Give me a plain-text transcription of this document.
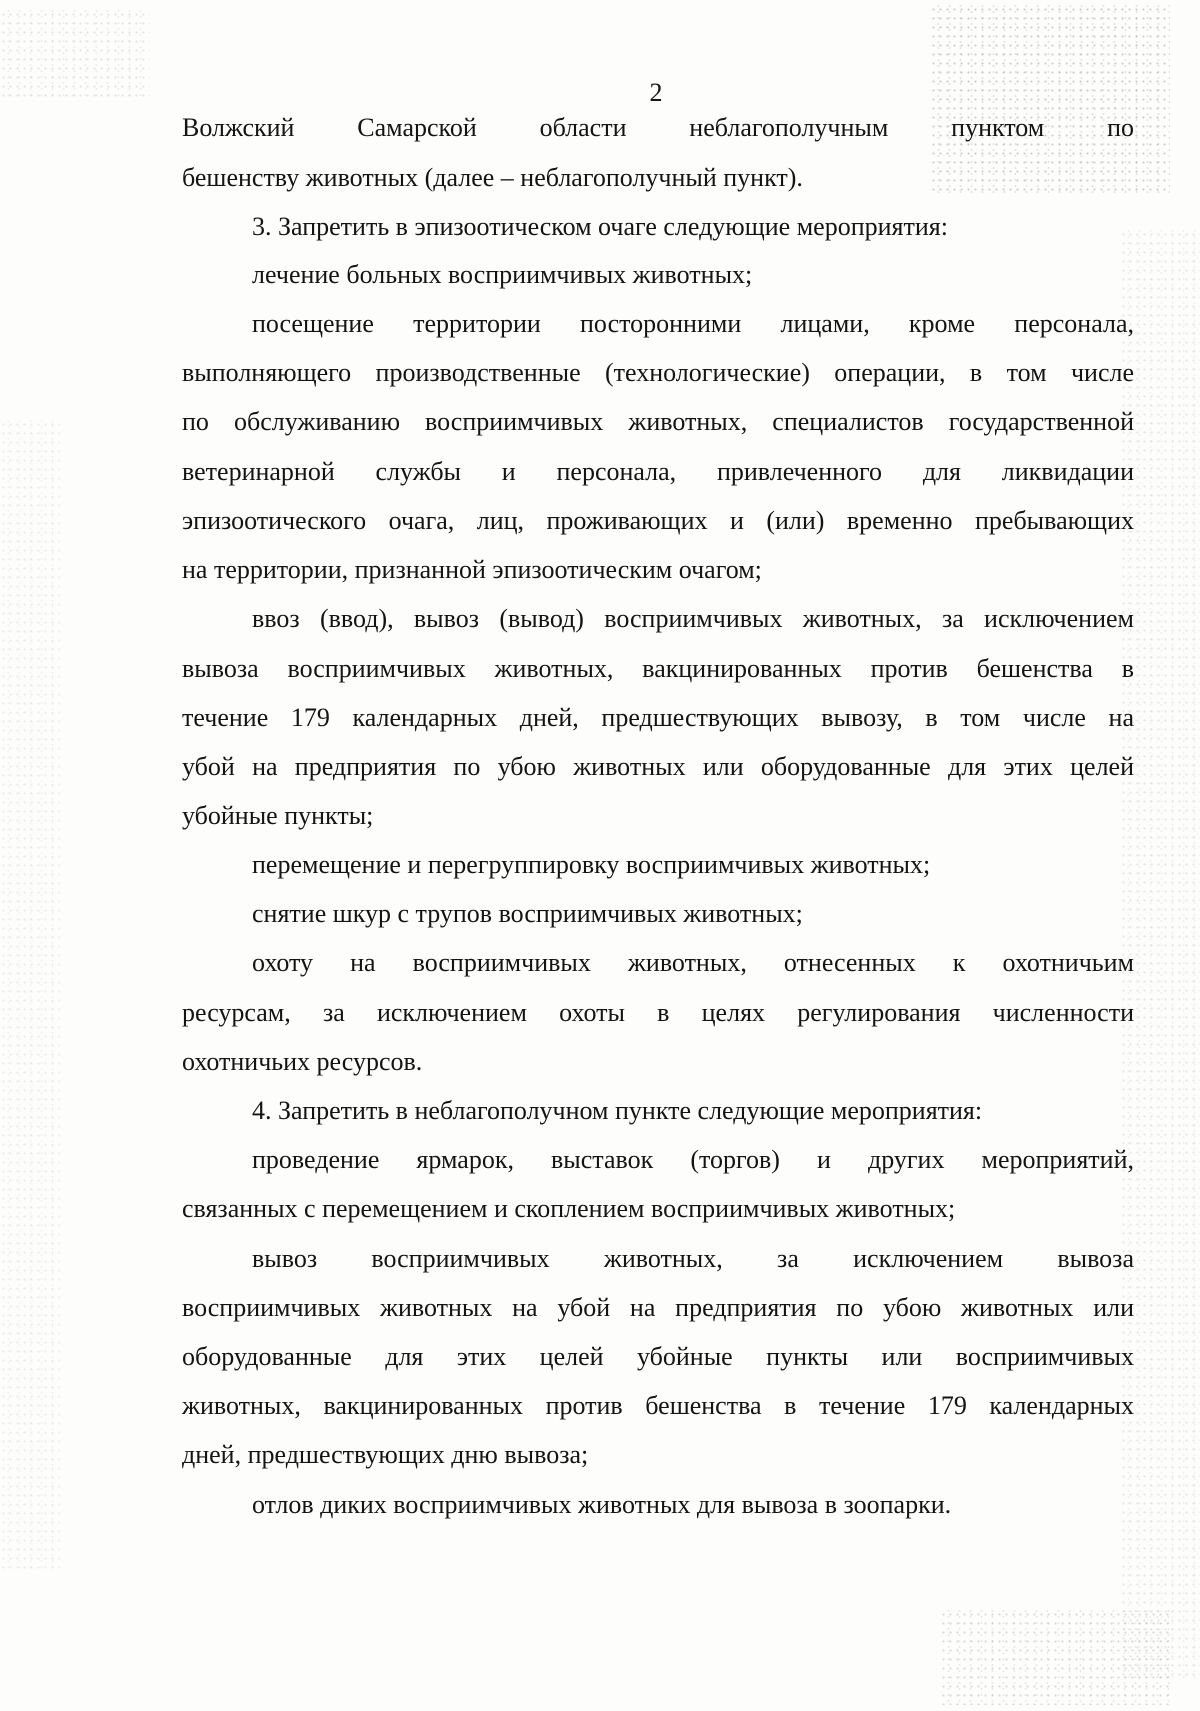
2
Волжский Самарской области неблагополучным пунктом по
бешенству животных (далее – неблагополучный пункт).
3. Запретить в эпизоотическом очаге следующие мероприятия:
лечение больных восприимчивых животных;
посещение территории посторонними лицами, кроме персонала,
выполняющего производственные (технологические) операции, в том числе
по обслуживанию восприимчивых животных, специалистов государственной
ветеринарной службы и персонала, привлеченного для ликвидации
эпизоотического очага, лиц, проживающих и (или) временно пребывающих
на территории, признанной эпизоотическим очагом;
ввоз (ввод), вывоз (вывод) восприимчивых животных, за исключением
вывоза восприимчивых животных, вакцинированных против бешенства в
течение 179 календарных дней, предшествующих вывозу, в том числе на
убой на предприятия по убою животных или оборудованные для этих целей
убойные пункты;
перемещение и перегруппировку восприимчивых животных;
снятие шкур с трупов восприимчивых животных;
охоту на восприимчивых животных, отнесенных к охотничьим
ресурсам, за исключением охоты в целях регулирования численности
охотничьих ресурсов.
4. Запретить в неблагополучном пункте следующие мероприятия:
проведение ярмарок, выставок (торгов) и других мероприятий,
связанных с перемещением и скоплением восприимчивых животных;
вывоз восприимчивых животных, за исключением вывоза
восприимчивых животных на убой на предприятия по убою животных или
оборудованные для этих целей убойные пункты или восприимчивых
животных, вакцинированных против бешенства в течение 179 календарных
дней, предшествующих дню вывоза;
отлов диких восприимчивых животных для вывоза в зоопарки.
